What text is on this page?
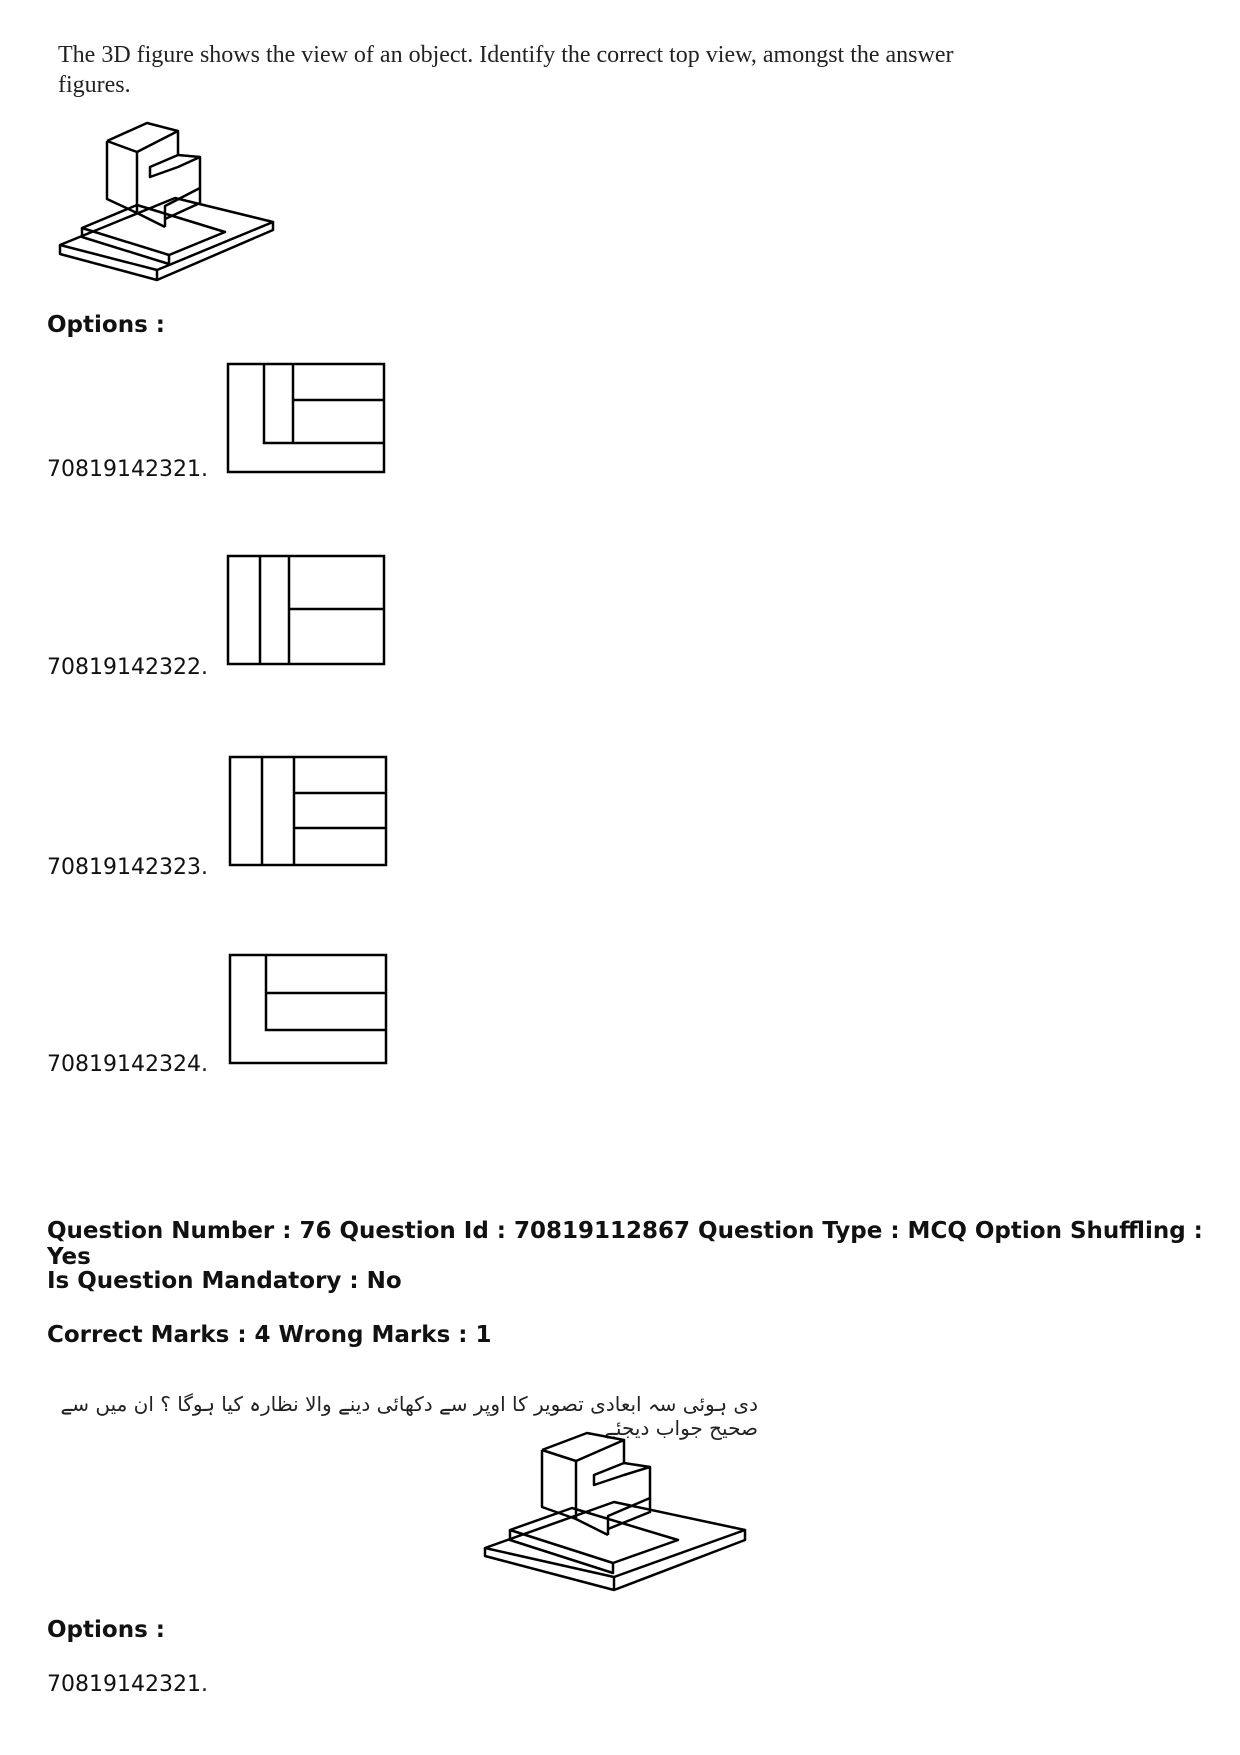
The 3D figure shows the view of an object. Identify the correct top view, amongst the answer figures.
Options :
70819142321.
70819142322.
70819142323.
70819142324.
Question Number : 76 Question Id : 70819112867 Question Type : MCQ Option Shuffling : Yes
Is Question Mandatory : No
Correct Marks : 4 Wrong Marks : 1
دی ہوئی سہ ابعادی تصویر کا اوپر سے دکھائی دینے والا نظارہ کیا ہوگا ؟ ان میں سے صحیح جواب دیجئے ۔
Options :
70819142321.
